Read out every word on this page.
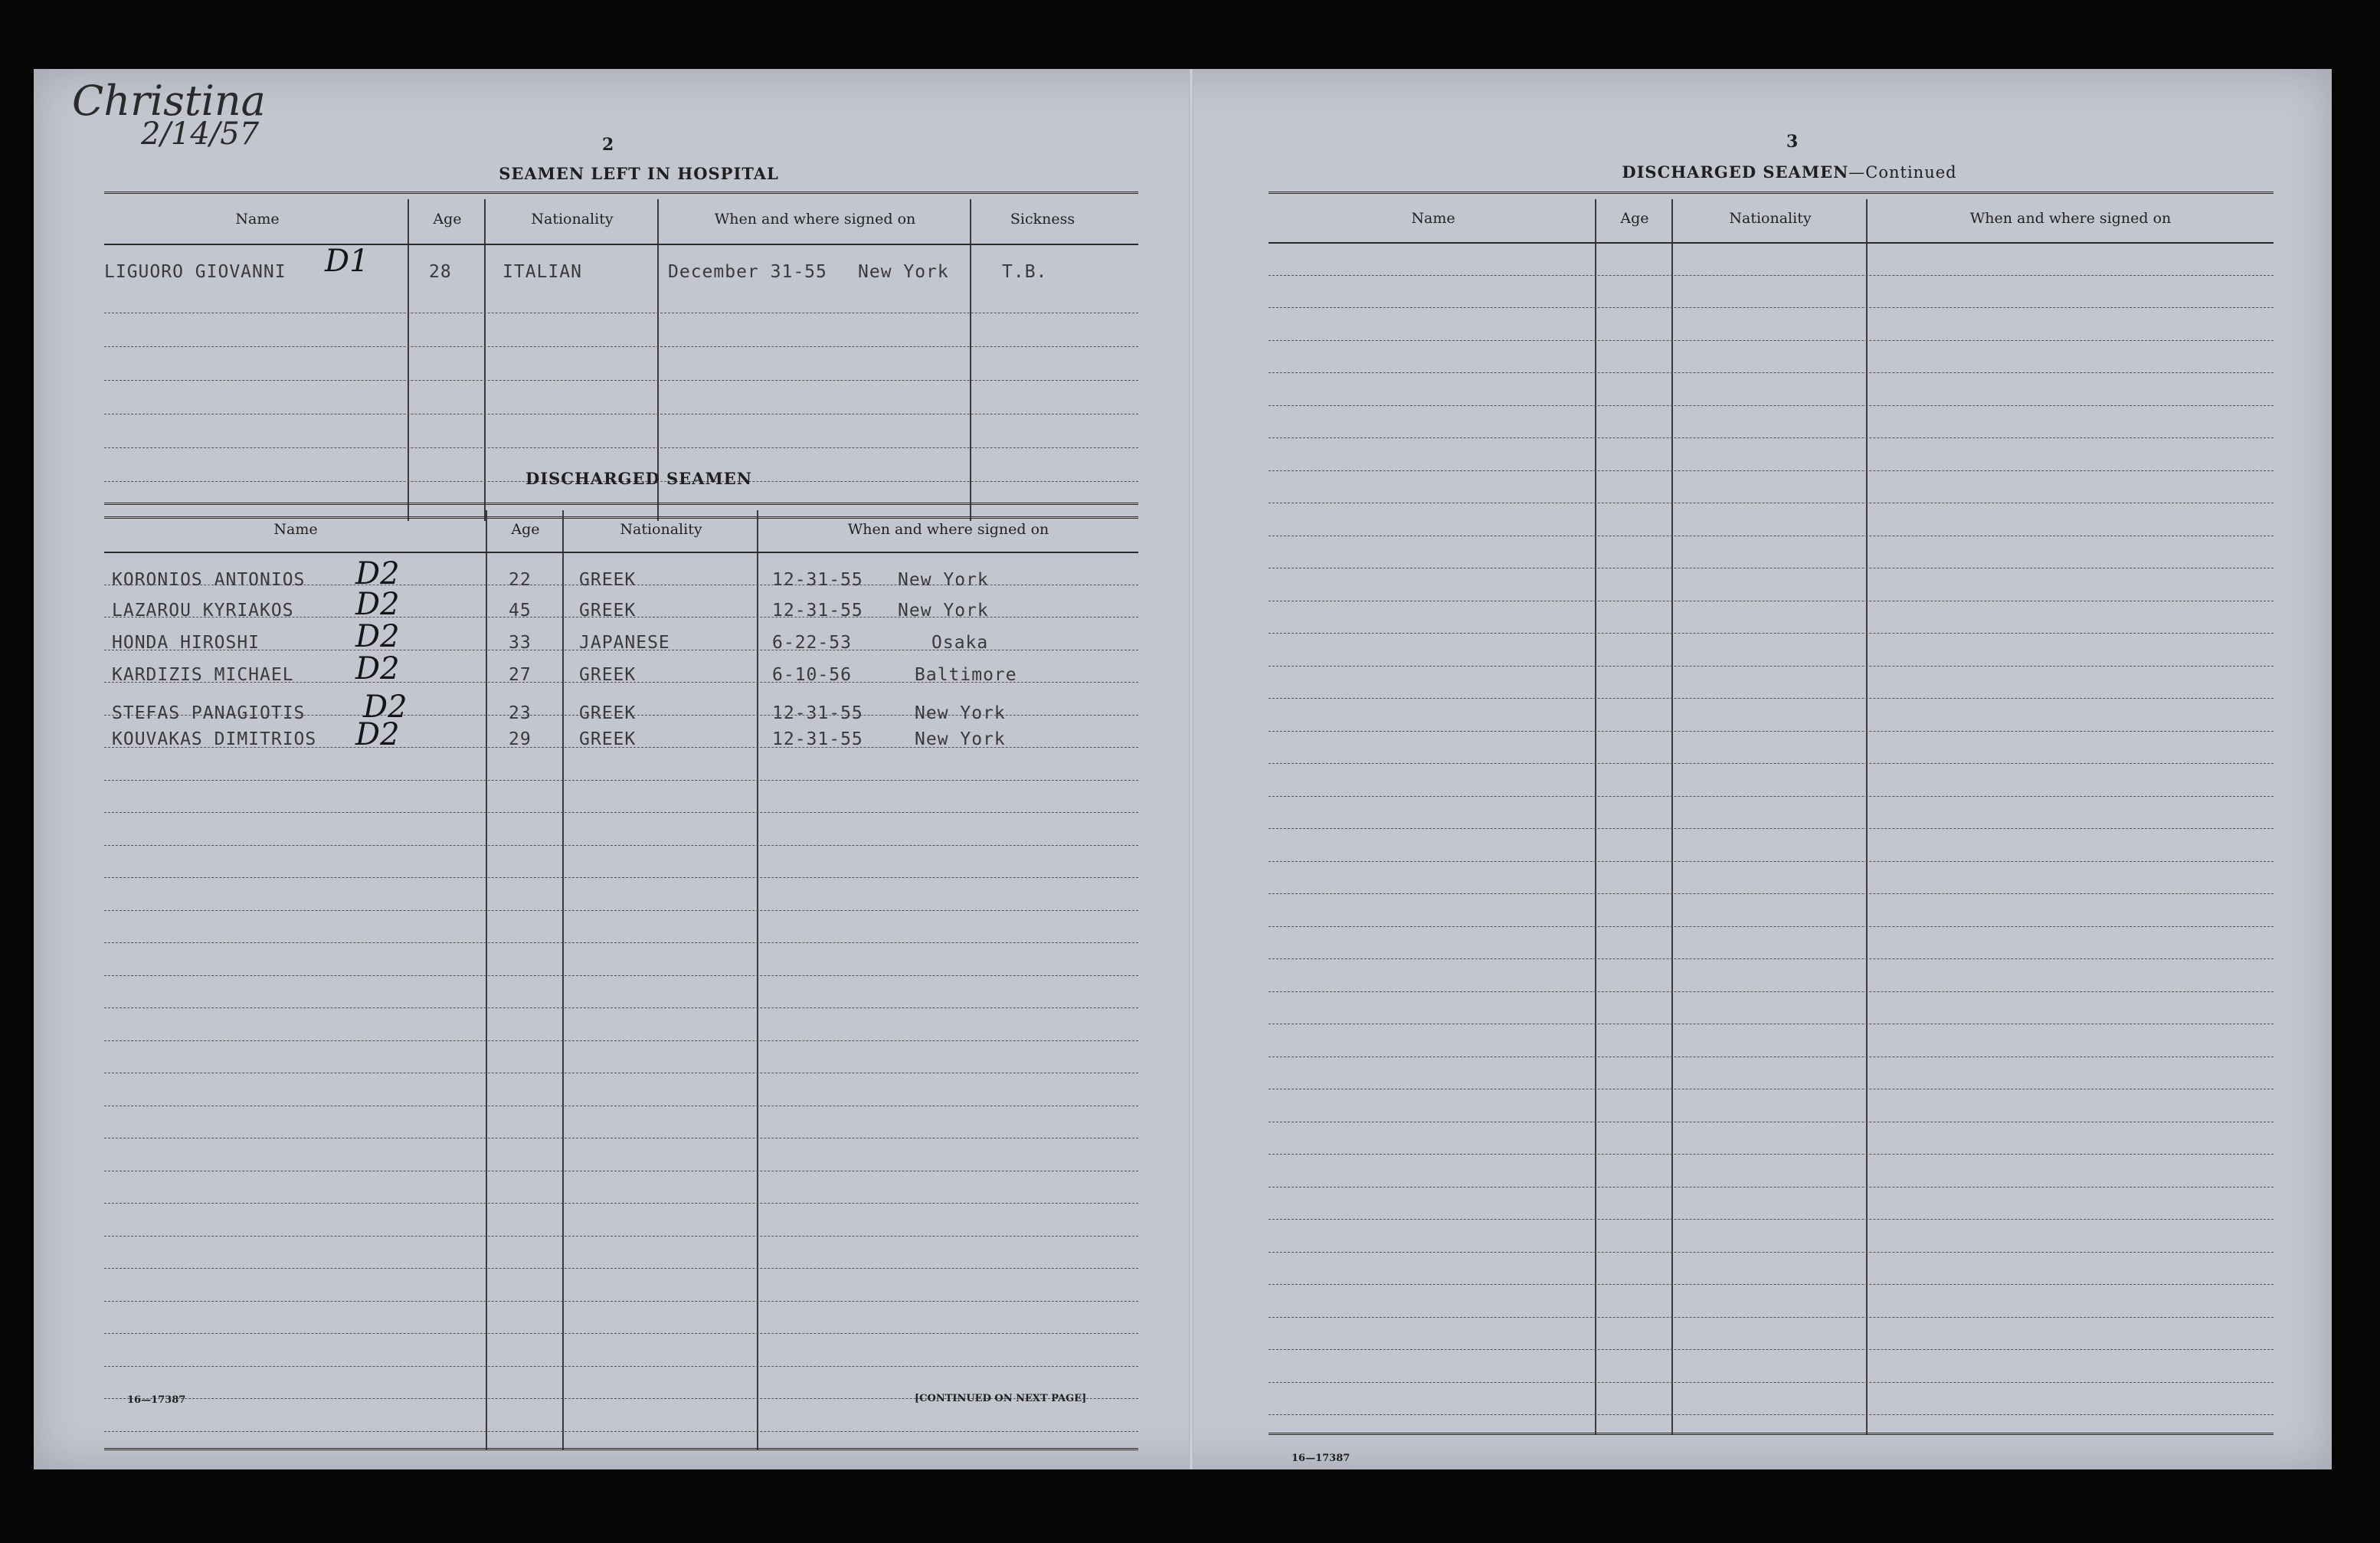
Christina
2/14/57	2
SEAMEN LEFT IN HOSPITAL
Name	Age	Nationality	When and where signed on	Sickness
LIGUORO GIOVANNI D1	28	ITALIAN	December 31-55 New York	T.B.
DISCHARGED SEAMEN
Name	Age	Nationality	When and where signed on
KORONIOS ANTONIOS D2	22	GREEK	12-31-55 New York
LAZAROU KYRIAKOS D2	45	GREEK	12-31-55 New York
HONDA HIROSHI	D2	33	JAPANESE	6-22-53	Osaka
KARDIZIS MICHAEL D2	27	GREEK	6-10-56	Baltimore
STEFAS PANAGIOTIS D2	23	GREEK	12-31-55	New York
KOUVAKAS DIMITRIOS D2	29	GREEK	12-31-55	New York
16—17387	[CONTINUED ON NEXT PAGE]
3
DISCHARGED SEAMEN—Continued
Name	Age	Nationality	When and where signed on
16—17387
